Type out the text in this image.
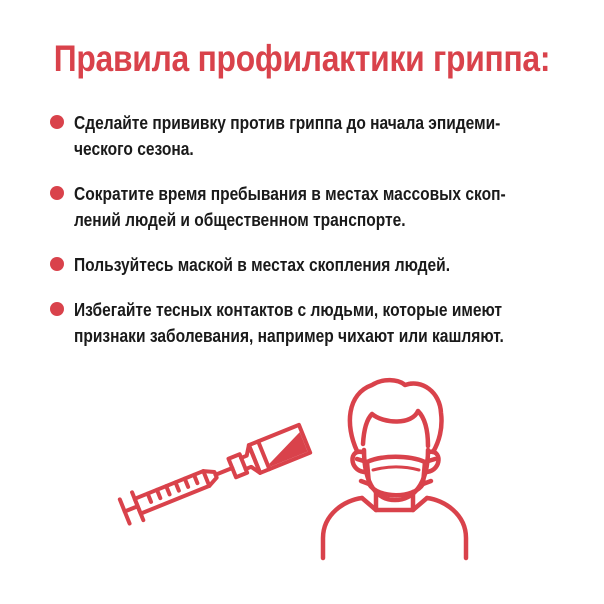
Правила профилактики гриппа:
Сделайте прививку против гриппа до начала эпидеми-
ческого сезона.
Сократите время пребывания в местах массовых скоп-
лений людей и общественном транспорте.
Пользуйтесь маской в местах скопления людей.
Избегайте тесных контактов с людьми, которые имеют
признаки заболевания, например чихают или кашляют.
